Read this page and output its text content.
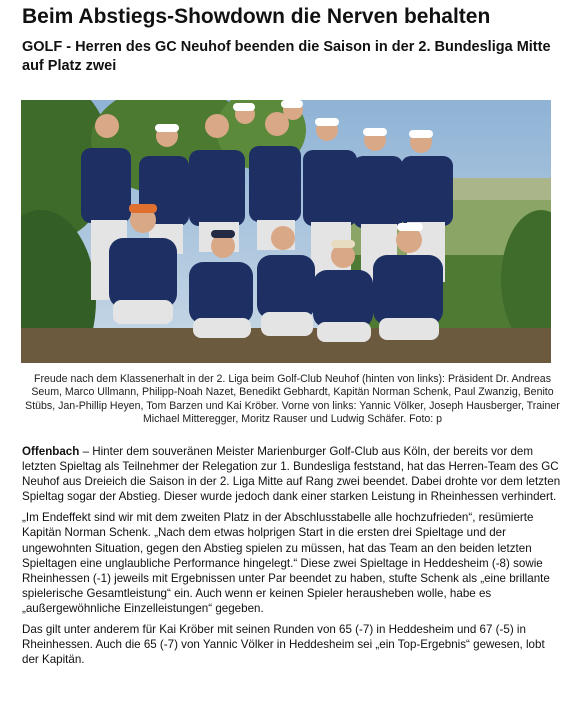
Beim Abstiegs-Showdown die Nerven behalten
GOLF - Herren des GC Neuhof beenden die Saison in der 2. Bundesliga Mitte auf Platz zwei

Freude nach dem Klassenerhalt in der 2. Liga beim Golf-Club Neuhof (hinten von links): Präsident Dr. Andreas Seum, Marco Ullmann, Philipp-Noah Nazet, Benedikt Gebhardt, Kapitän Norman Schenk, Paul Zwanzig, Benito Stübs, Jan-Phillip Heyen, Tom Barzen und Kai Kröber. Vorne von links: Yannic Völker, Joseph Hausberger, Trainer Michael Mitteregger, Moritz Rauser und Ludwig Schäfer. Foto: p

Offenbach – Hinter dem souveränen Meister Marienburger Golf-Club aus Köln, der bereits vor dem letzten Spieltag als Teilnehmer der Relegation zur 1. Bundesliga feststand, hat das Herren-Team des GC Neuhof aus Dreieich die Saison in der 2. Liga Mitte auf Rang zwei beendet. Dabei drohte vor dem letzten Spieltag sogar der Abstieg. Dieser wurde jedoch dank einer starken Leistung in Rheinhessen verhindert.

„Im Endeffekt sind wir mit dem zweiten Platz in der Abschlusstabelle alle hochzufrieden“, resümierte Kapitän Norman Schenk. „Nach dem etwas holprigen Start in die ersten drei Spieltage und der ungewohnten Situation, gegen den Abstieg spielen zu müssen, hat das Team an den beiden letzten Spieltagen eine unglaubliche Performance hingelegt.“ Diese zwei Spieltage in Heddesheim (-8) sowie Rheinhessen (-1) jeweils mit Ergebnissen unter Par beendet zu haben, stufte Schenk als „eine brillante spielerische Gesamtleistung“ ein. Auch wenn er keinen Spieler herausheben wolle, habe es „außergewöhnliche Einzelleistungen“ gegeben.

Das gilt unter anderem für Kai Kröber mit seinen Runden von 65 (-7) in Heddesheim und 67 (-5) in Rheinhessen. Auch die 65 (-7) von Yannic Völker in Heddesheim sei „ein Top-Ergebnis“ gewesen, lobt der Kapitän.
